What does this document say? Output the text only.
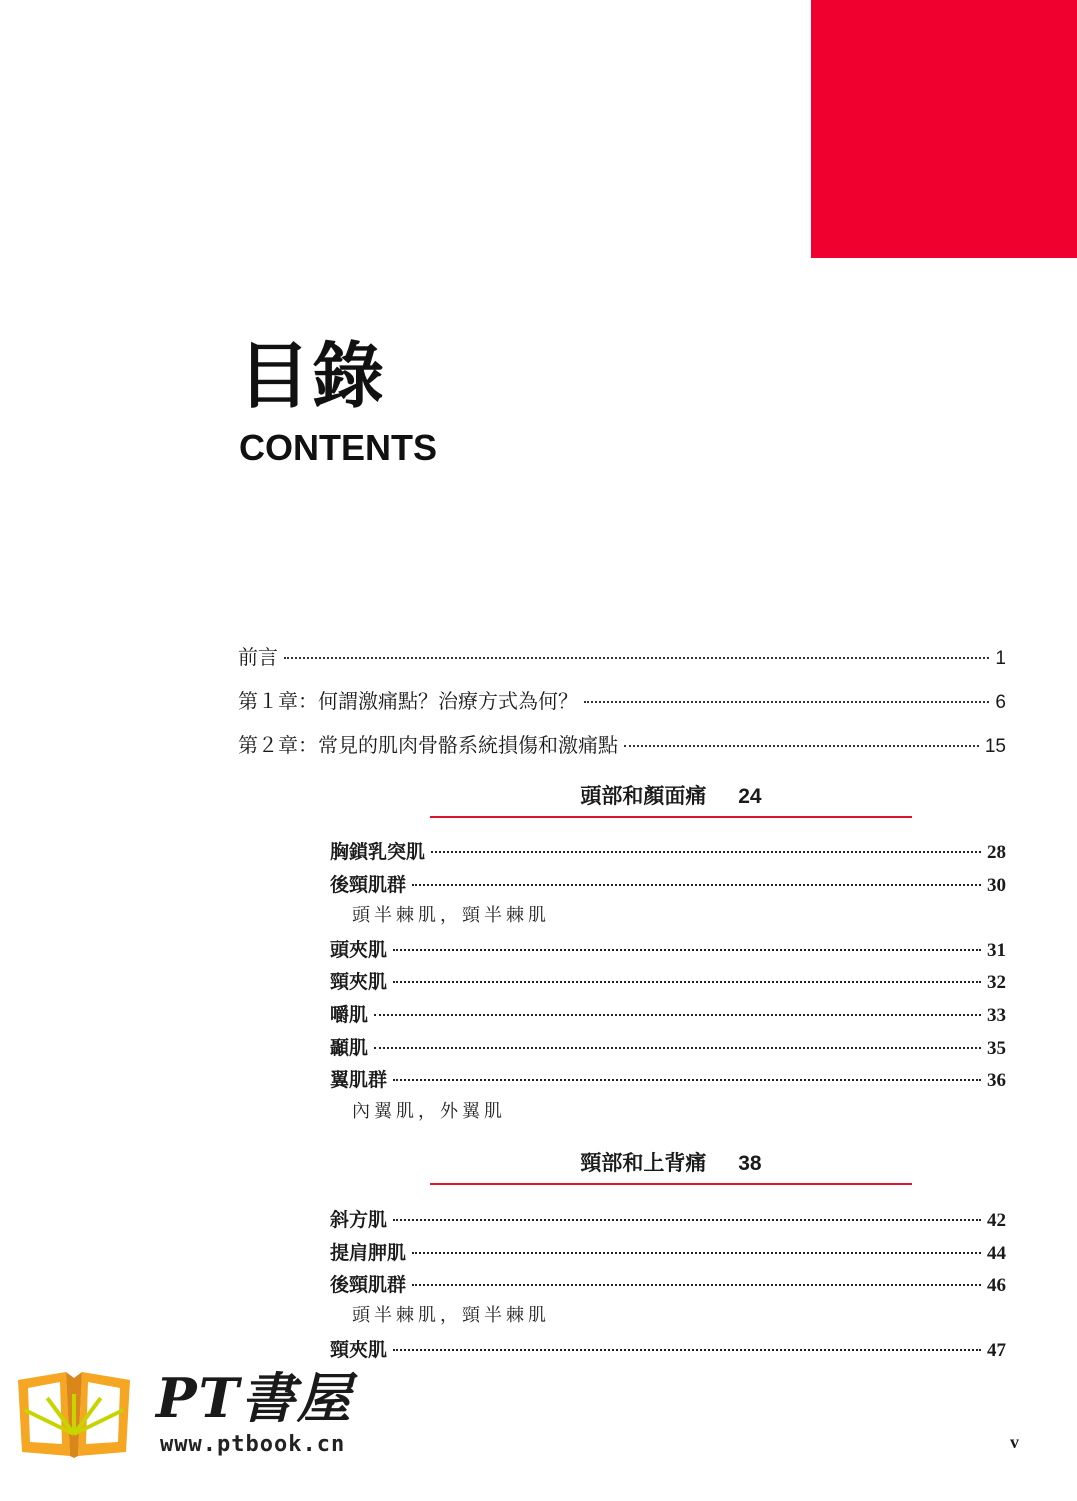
目錄
CONTENTS
前言	1
第１章：何謂激痛點？治療方式為何？	6
第２章：常見的肌肉骨骼系統損傷和激痛點	15
頭部和顏面痛 24
胸鎖乳突肌	28
後頸肌群	30
頭半棘肌，頸半棘肌
頭夾肌	31
頸夾肌	32
嚼肌	33
顳肌	35
翼肌群	36
內翼肌，外翼肌
頸部和上背痛 38
斜方肌	42
提肩胛肌	44
後頸肌群	46
頭半棘肌，頸半棘肌
頸夾肌	47
PT書屋
www.ptbook.cn	v
